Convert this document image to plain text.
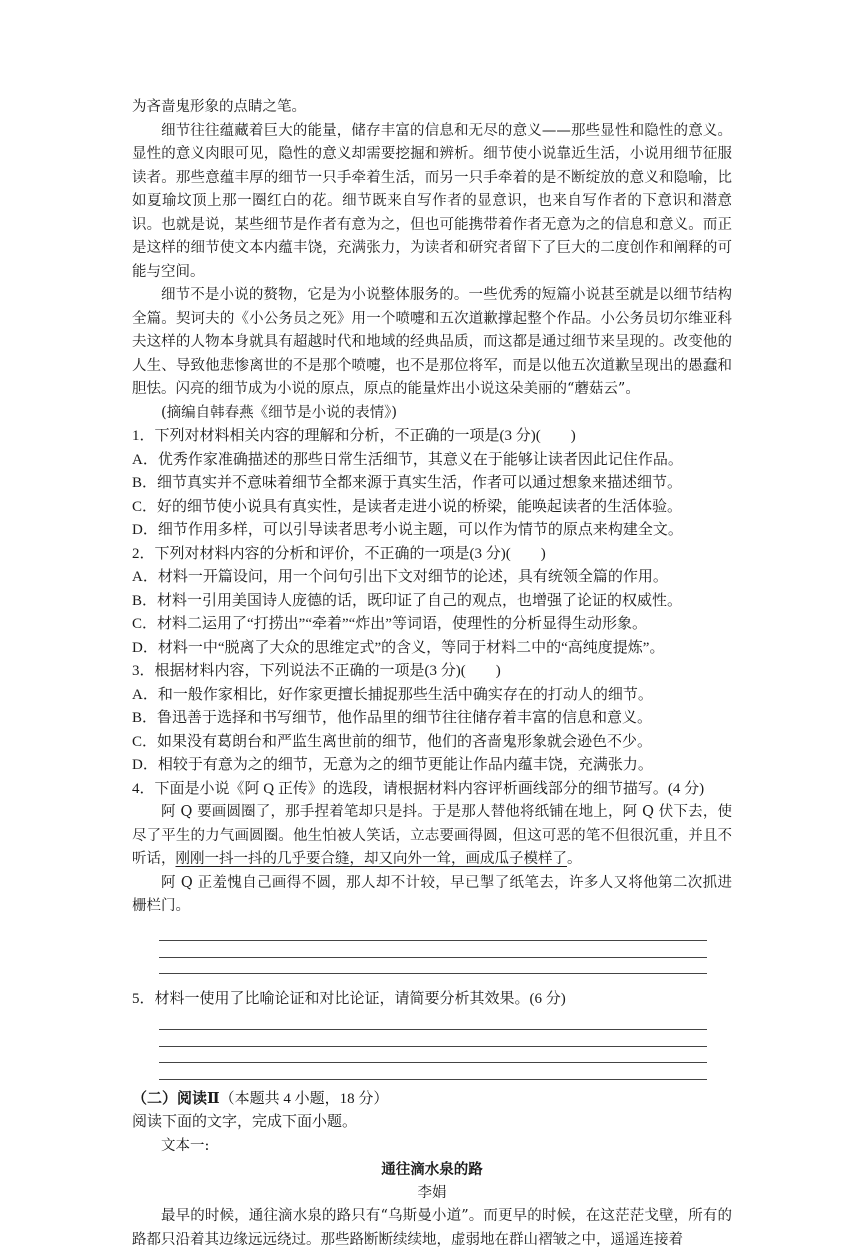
为吝啬鬼形象的点睛之笔。

细节往往蕴藏着巨大的能量，储存丰富的信息和无尽的意义——那些显性和隐性的意义。显性的意义肉眼可见，隐性的意义却需要挖掘和辨析。细节使小说靠近生活，小说用细节征服读者。那些意蕴丰厚的细节一只手牵着生活，而另一只手牵着的是不断绽放的意义和隐喻，比如夏瑜坟顶上那一圈红白的花。细节既来自写作者的显意识，也来自写作者的下意识和潜意识。也就是说，某些细节是作者有意为之，但也可能携带着作者无意为之的信息和意义。而正是这样的细节使文本内蕴丰饶，充满张力，为读者和研究者留下了巨大的二度创作和阐释的可能与空间。

细节不是小说的赘物，它是为小说整体服务的。一些优秀的短篇小说甚至就是以细节结构全篇。契诃夫的《小公务员之死》用一个喷嚏和五次道歉撑起整个作品。小公务员切尔维亚科夫这样的人物本身就具有超越时代和地域的经典品质，而这都是通过细节来呈现的。改变他的人生、导致他悲惨离世的不是那个喷嚏，也不是那位将军，而是以他五次道歉呈现出的愚蠢和胆怯。闪亮的细节成为小说的原点，原点的能量炸出小说这朵美丽的“蘑菇云”。

(摘编自韩春燕《细节是小说的表情》)

1．下列对材料相关内容的理解和分析，不正确的一项是(3 分)(　　)

A．优秀作家准确描述的那些日常生活细节，其意义在于能够让读者因此记住作品。

B．细节真实并不意味着细节全都来源于真实生活，作者可以通过想象来描述细节。

C．好的细节使小说具有真实性，是读者走进小说的桥梁，能唤起读者的生活体验。

D．细节作用多样，可以引导读者思考小说主题，可以作为情节的原点来构建全文。

2．下列对材料内容的分析和评价，不正确的一项是(3 分)(　　)

A．材料一开篇设问，用一个问句引出下文对细节的论述，具有统领全篇的作用。

B．材料一引用美国诗人庞德的话，既印证了自己的观点，也增强了论证的权威性。

C．材料二运用了“打捞出”“牵着”“炸出”等词语，使理性的分析显得生动形象。

D．材料一中“脱离了大众的思维定式”的含义，等同于材料二中的“高纯度提炼”。

3．根据材料内容，下列说法不正确的一项是(3 分)(　　)

A．和一般作家相比，好作家更擅长捕捉那些生活中确实存在的打动人的细节。

B．鲁迅善于选择和书写细节，他作品里的细节往往储存着丰富的信息和意义。

C．如果没有葛朗台和严监生离世前的细节，他们的吝啬鬼形象就会逊色不少。

D．相较于有意为之的细节，无意为之的细节更能让作品内蕴丰饶，充满张力。

4．下面是小说《阿 Q 正传》的选段，请根据材料内容评析画线部分的细节描写。(4 分)

阿 Q 要画圆圈了，那手捏着笔却只是抖。于是那人替他将纸铺在地上，阿 Q 伏下去，使尽了平生的力气画圆圈。他生怕被人笑话，立志要画得圆，但这可恶的笔不但很沉重，并且不听话，刚刚一抖一抖的几乎要合缝，却又向外一耸，画成瓜子模样了。

阿 Q 正羞愧自己画得不圆，那人却不计较，早已掣了纸笔去，许多人又将他第二次抓进栅栏门。

5．材料一使用了比喻论证和对比论证，请简要分析其效果。(6 分)

（二）阅读Ⅱ（本题共 4 小题，18 分）

阅读下面的文字，完成下面小题。

文本一:

通往滴水泉的路

李娟

最早的时候，通往滴水泉的路只有“乌斯曼小道”。而更早的时候，在这茫茫戈壁，所有的路都只沿着其边缘远远绕过。那些路断断续续地，虚弱地在群山褶皱之中，遥遥连接着
